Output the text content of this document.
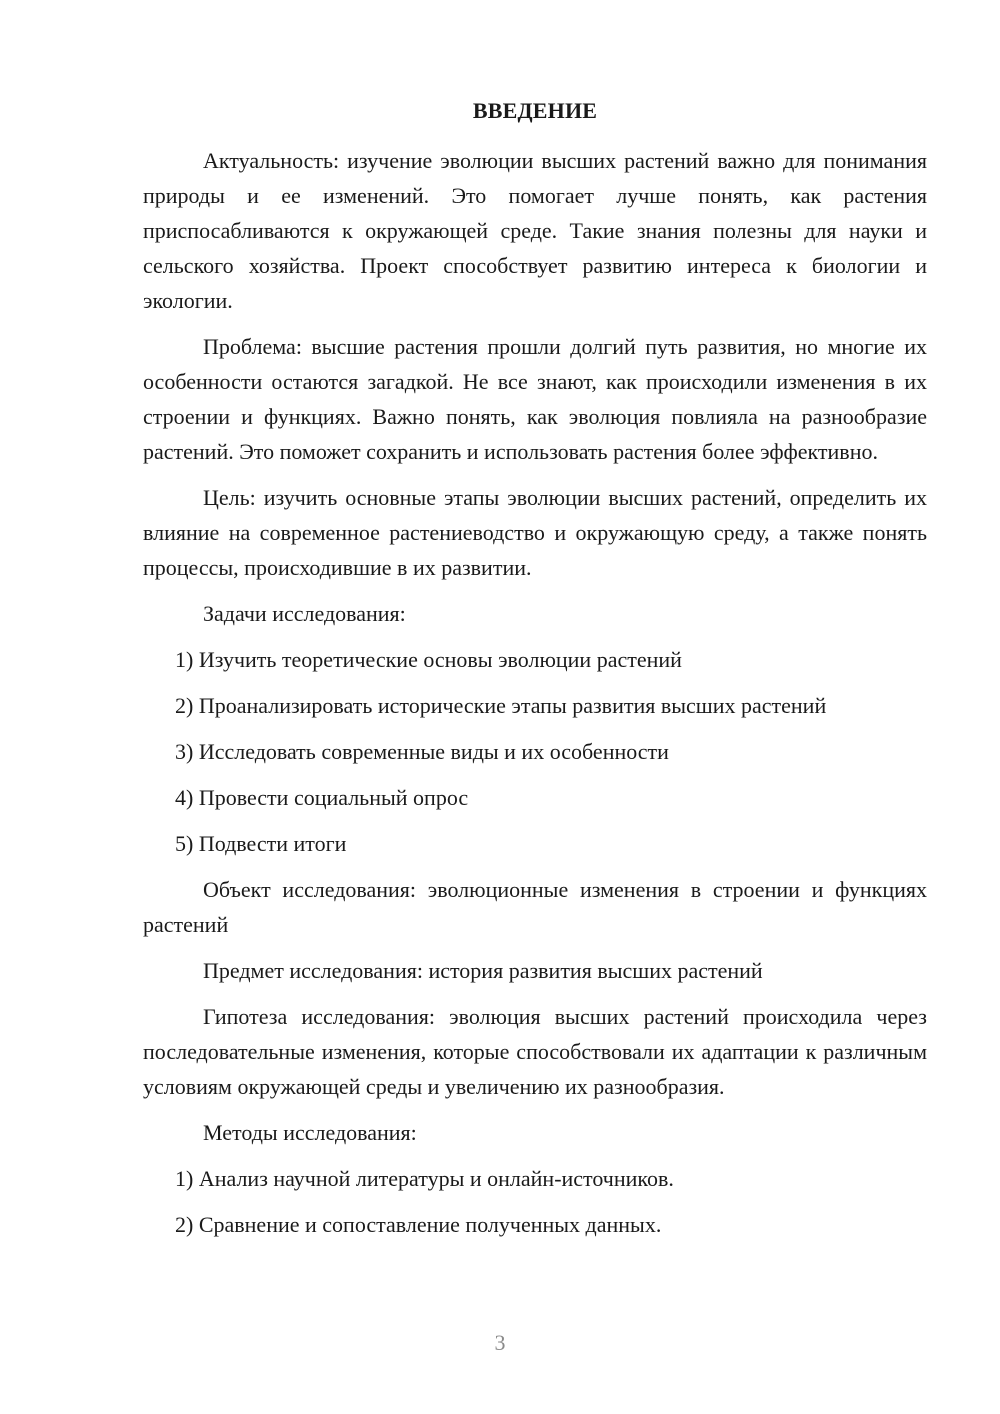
ВВЕДЕНИЕ

Актуальность: изучение эволюции высших растений важно для понимания природы и ее изменений. Это помогает лучше понять, как растения приспосабливаются к окружающей среде. Такие знания полезны для науки и сельского хозяйства. Проект способствует развитию интереса к биологии и экологии.

Проблема: высшие растения прошли долгий путь развития, но многие их особенности остаются загадкой. Не все знают, как происходили изменения в их строении и функциях. Важно понять, как эволюция повлияла на разнообразие растений. Это поможет сохранить и использовать растения более эффективно.

Цель: изучить основные этапы эволюции высших растений, определить их влияние на современное растениеводство и окружающую среду, а также понять процессы, происходившие в их развитии.

Задачи исследования:

1) Изучить теоретические основы эволюции растений
2) Проанализировать исторические этапы развития высших растений
3) Исследовать современные виды и их особенности
4) Провести социальный опрос
5) Подвести итоги

Объект исследования: эволюционные изменения в строении и функциях растений

Предмет исследования: история развития высших растений

Гипотеза исследования: эволюция высших растений происходила через последовательные изменения, которые способствовали их адаптации к различным условиям окружающей среды и увеличению их разнообразия.

Методы исследования:

1) Анализ научной литературы и онлайн-источников.
2) Сравнение и сопоставление полученных данных.
3
